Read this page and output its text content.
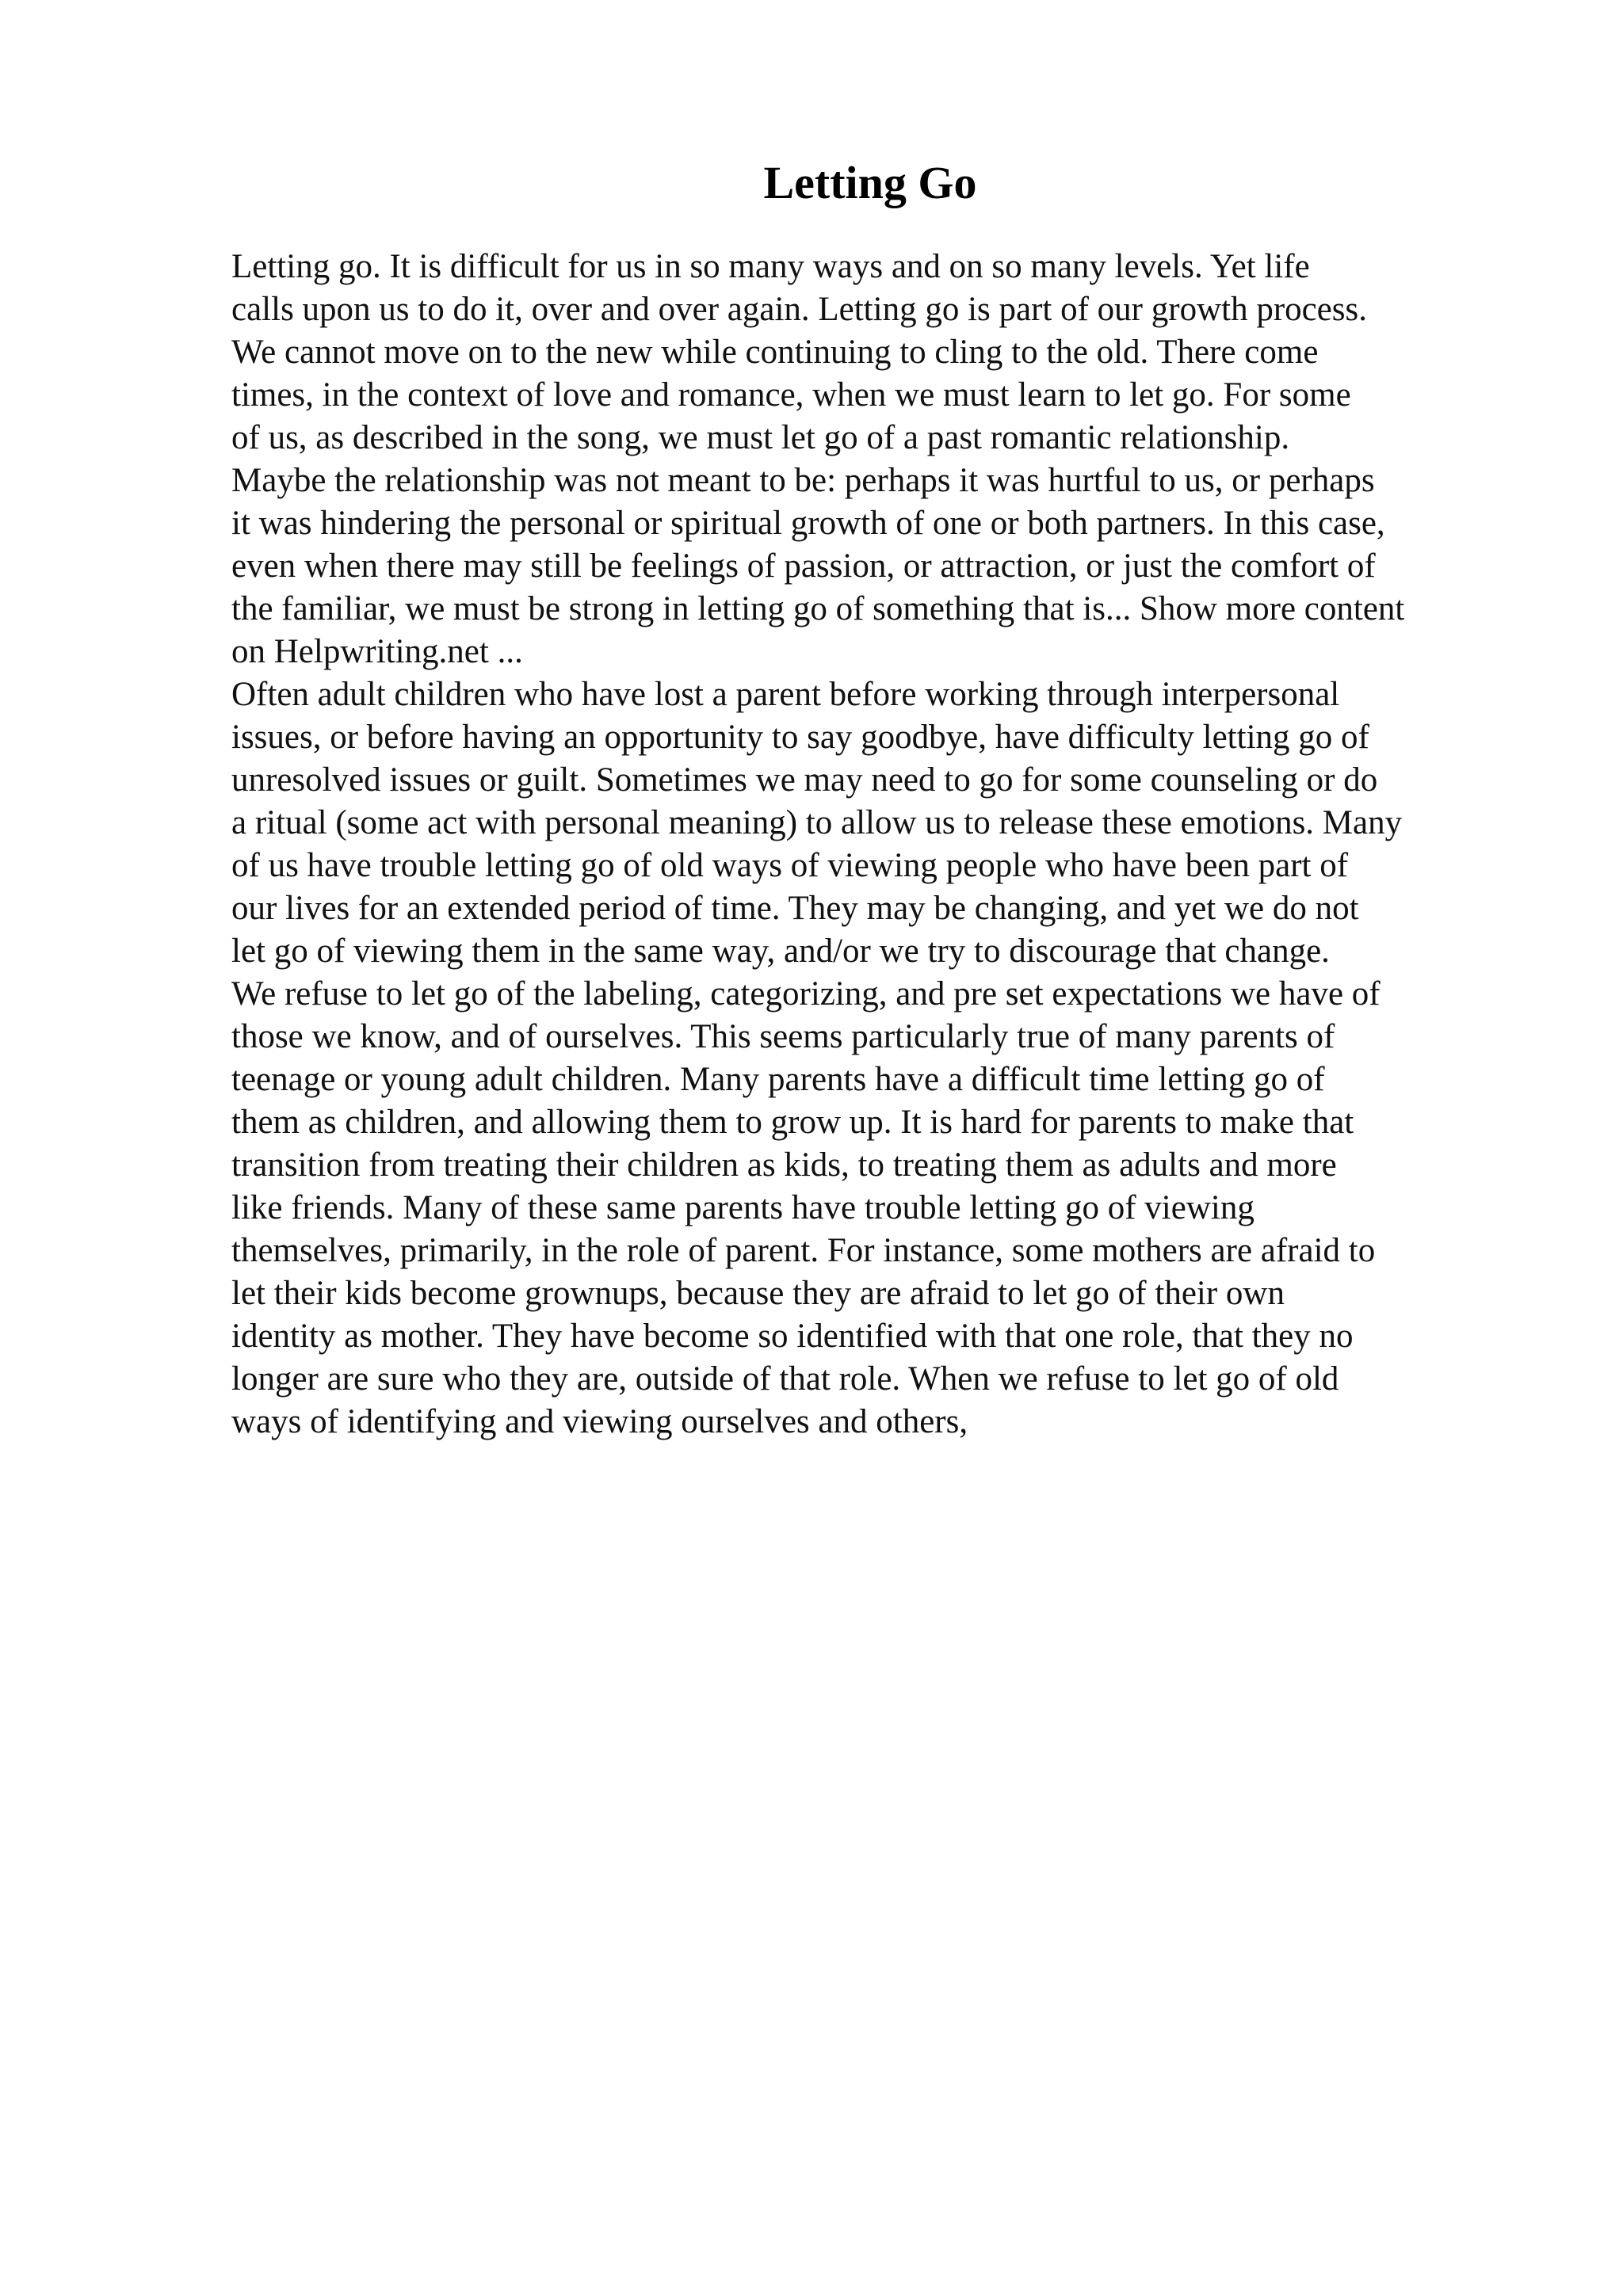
Letting Go
Letting go. It is difficult for us in so many ways and on so many levels. Yet life
calls upon us to do it, over and over again. Letting go is part of our growth process.
We cannot move on to the new while continuing to cling to the old. There come
times, in the context of love and romance, when we must learn to let go. For some
of us, as described in the song, we must let go of a past romantic relationship.
Maybe the relationship was not meant to be: perhaps it was hurtful to us, or perhaps
it was hindering the personal or spiritual growth of one or both partners. In this case,
even when there may still be feelings of passion, or attraction, or just the comfort of
the familiar, we must be strong in letting go of something that is... Show more content
on Helpwriting.net ...
Often adult children who have lost a parent before working through interpersonal
issues, or before having an opportunity to say goodbye, have difficulty letting go of
unresolved issues or guilt. Sometimes we may need to go for some counseling or do
a ritual (some act with personal meaning) to allow us to release these emotions. Many
of us have trouble letting go of old ways of viewing people who have been part of
our lives for an extended period of time. They may be changing, and yet we do not
let go of viewing them in the same way, and/or we try to discourage that change.
We refuse to let go of the labeling, categorizing, and pre set expectations we have of
those we know, and of ourselves. This seems particularly true of many parents of
teenage or young adult children. Many parents have a difficult time letting go of
them as children, and allowing them to grow up. It is hard for parents to make that
transition from treating their children as kids, to treating them as adults and more
like friends. Many of these same parents have trouble letting go of viewing
themselves, primarily, in the role of parent. For instance, some mothers are afraid to
let their kids become grownups, because they are afraid to let go of their own
identity as mother. They have become so identified with that one role, that they no
longer are sure who they are, outside of that role. When we refuse to let go of old
ways of identifying and viewing ourselves and others,
